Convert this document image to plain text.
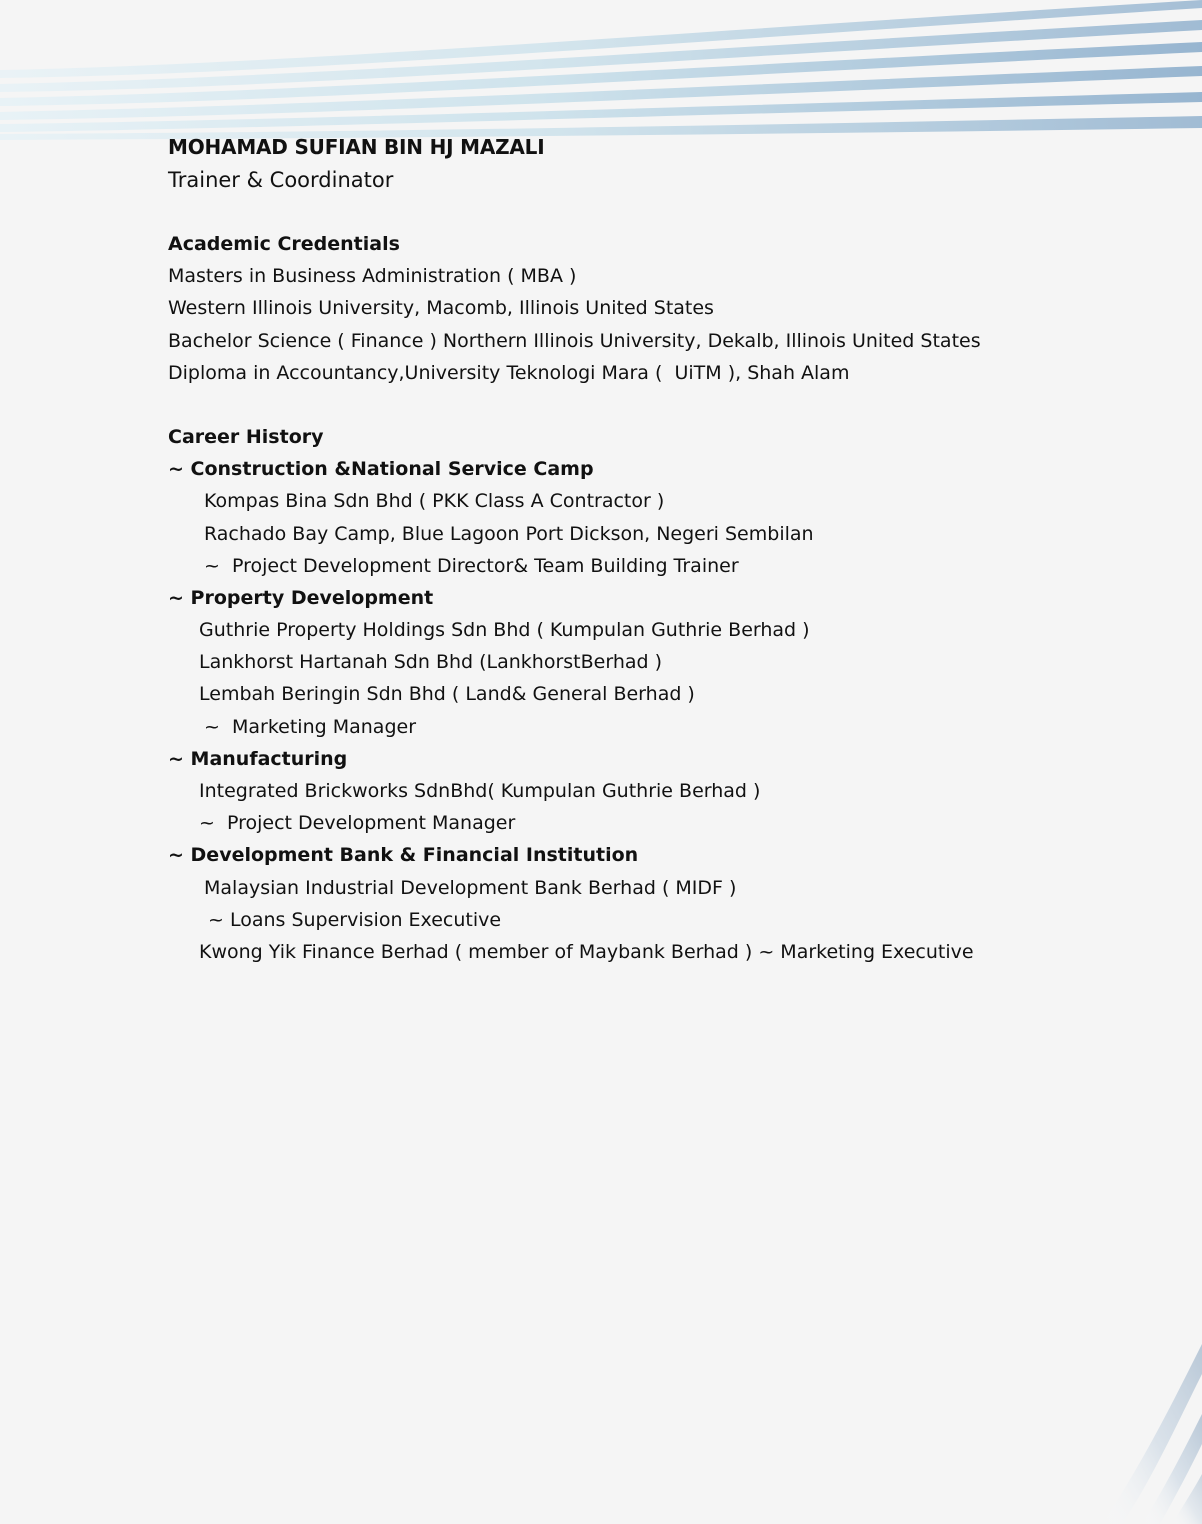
MOHAMAD SUFIAN BIN HJ MAZALI
Trainer & Coordinator
Academic Credentials
Masters in Business Administration ( MBA )
Western Illinois University, Macomb, Illinois United States
Bachelor Science ( Finance ) Northern Illinois University, Dekalb, Illinois United States
Diploma in Accountancy,University Teknologi Mara (  UiTM ), Shah Alam
Career History
~ Construction &National Service Camp
Kompas Bina Sdn Bhd ( PKK Class A Contractor )
Rachado Bay Camp, Blue Lagoon Port Dickson, Negeri Sembilan
~  Project Development Director& Team Building Trainer
~ Property Development
Guthrie Property Holdings Sdn Bhd ( Kumpulan Guthrie Berhad )
Lankhorst Hartanah Sdn Bhd (LankhorstBerhad )
Lembah Beringin Sdn Bhd ( Land& General Berhad )
~  Marketing Manager
~ Manufacturing
Integrated Brickworks SdnBhd( Kumpulan Guthrie Berhad )
~  Project Development Manager
~ Development Bank & Financial Institution
Malaysian Industrial Development Bank Berhad ( MIDF )
~ Loans Supervision Executive
Kwong Yik Finance Berhad ( member of Maybank Berhad ) ~ Marketing Executive
